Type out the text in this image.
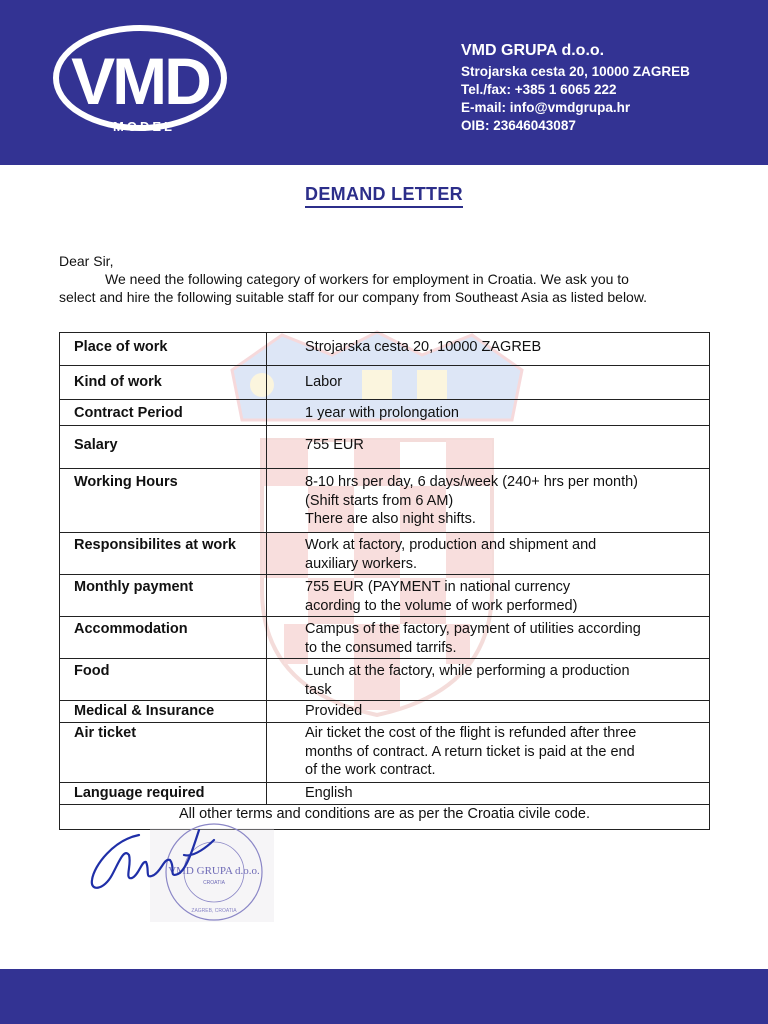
VMD
MODEL
VMD GRUPA d.o.o.
Strojarska cesta 20, 10000 ZAGREB
Tel./fax: +385 1 6065 222
E-mail: info@vmdgrupa.hr
OIB: 23646043087
DEMAND LETTER
Dear Sir,
We need the following category of workers for employment in Croatia. We ask you to
select and hire the following suitable staff for our company from Southeast Asia as listed below.
Place of work	Strojarska cesta 20, 10000 ZAGREB

Kind of work	Labor

Contract Period	1 year with prolongation

Salary	755 EUR

Working Hours	8-10 hrs per day, 6 days/week (240+ hrs per month)
(Shift starts from 6 AM)
There are also night shifts.

Responsibilites at work	Work at factory, production and shipment and
auxiliary workers.

Monthly payment	755 EUR (PAYMENT in national currency
acording to the volume of work performed)

Accommodation	Campus of the factory, payment of utilities according
to the consumed tarrifs.

Food	Lunch at the factory, while performing a production
task

Medical & Insurance	Provided

Air ticket	Air ticket the cost of the flight is refunded after three
months of contract. A return ticket is paid at the end
of the work contract.

Language required	English

All other terms and conditions are as per the Croatia civile code.	
VMD GRUPA d.o.o.
CROATIA
ZAGREB, CROATIA
